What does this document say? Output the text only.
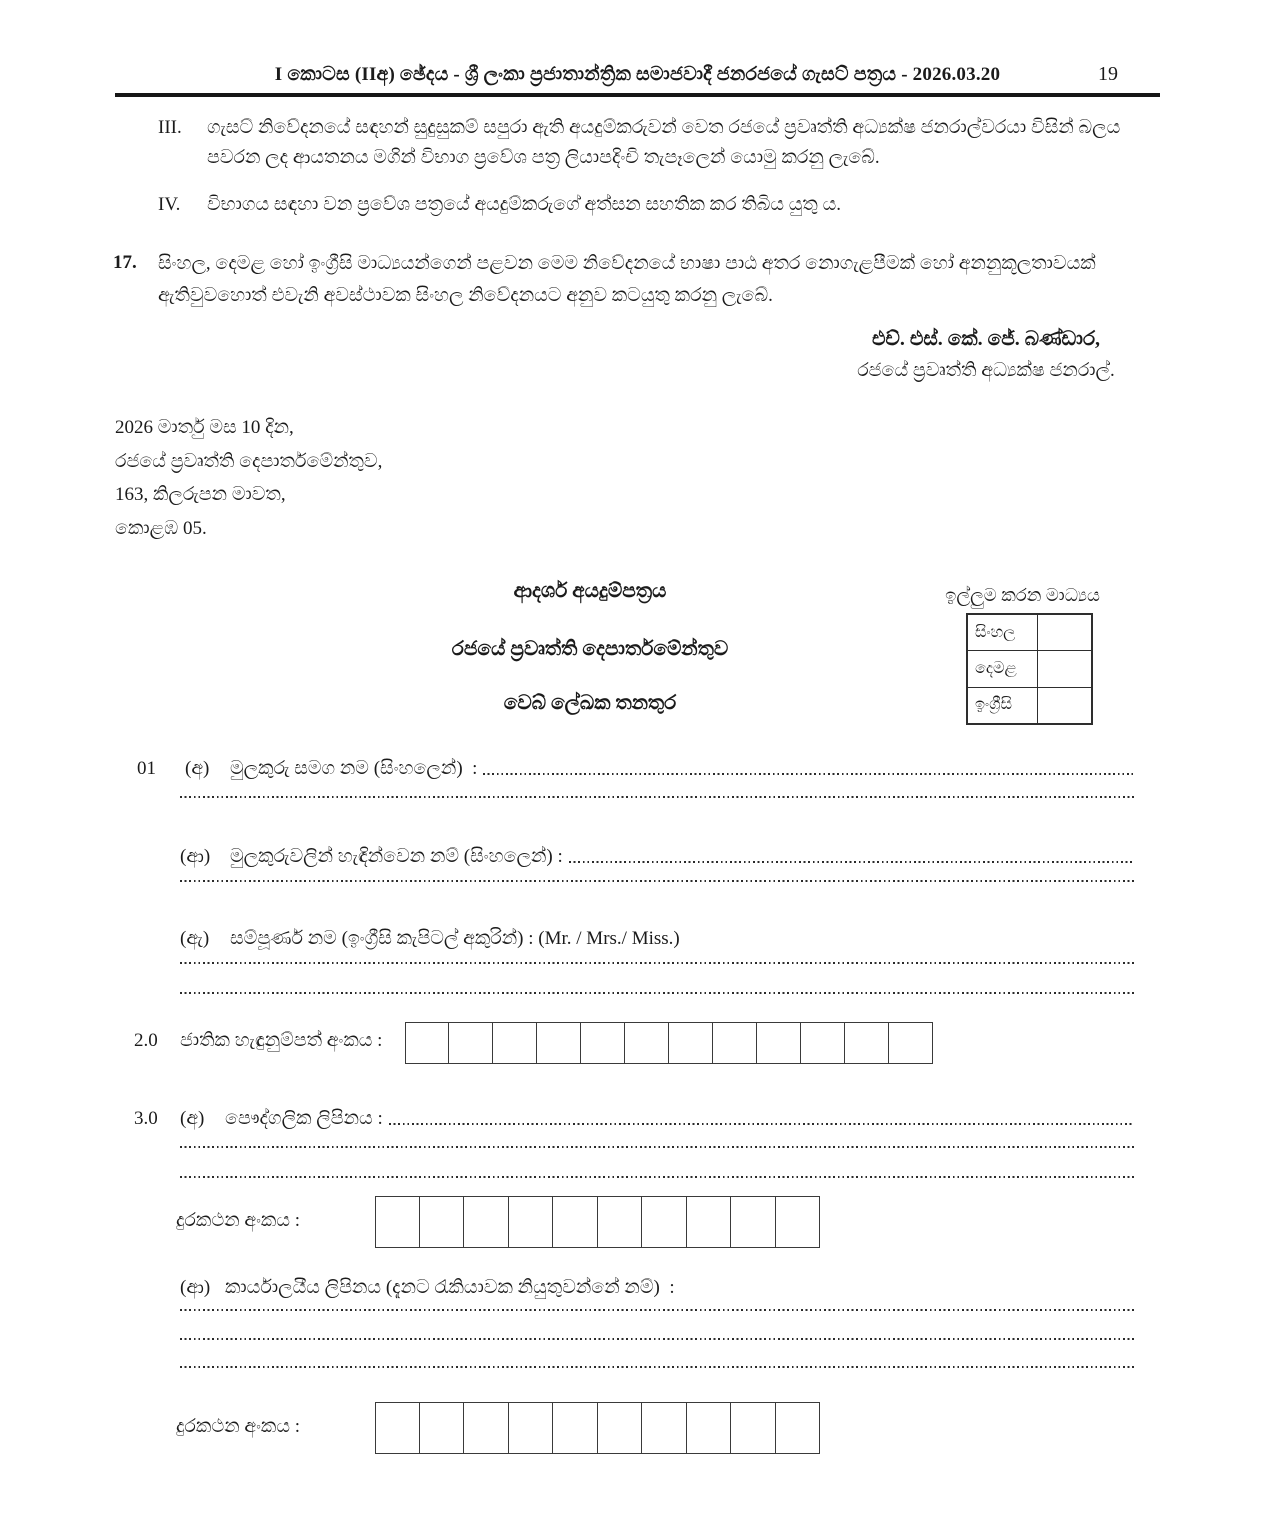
I කොටස (IIඅ) ඡේදය - ශ්‍රී ලංකා ප්‍රජාතාන්ත්‍රික සමාජවාදී ජනරජයේ ගැසට් පත්‍රය - 2026.03.20	19
III. ගැසට් නිවේදනයේ සඳහන් සුදුසුකම් සපුරා ඇති අයදුම්කරුවන් වෙත රජයේ ප්‍රවෘත්ති අධ්‍යක්ෂ ජනරාල්වරයා විසින් බලය පවරන ලද ආයතනය මගින් විභාග ප්‍රවේශ පත්‍ර ලියාපදිංචි තැපෑලෙන් යොමු කරනු ලැබේ.
IV. විභාගය සඳහා වන ප්‍රවේශ පත්‍රයේ අයදුම්කරුගේ අත්සන සහතික කර තිබිය යුතු ය.
17. සිංහල, දෙමළ හෝ ඉංග්‍රීසි මාධ්‍යයන්ගෙන් පළවන මෙම නිවේදනයේ භාෂා පාඨ අතර නොගැළපීමක් හෝ අනනුකූලතාවයක් ඇතිවුවහොත් එවැනි අවස්ථාවක සිංහල නිවේදනයට අනුව කටයුතු කරනු ලැබේ.
එච්. එස්. කේ. ජේ. බණ්ඩාර,
රජයේ ප්‍රවෘත්ති අධ්‍යක්ෂ ජනරාල්.
2026 මාර්තු මස 10 දින,
රජයේ ප්‍රවෘත්ති දෙපාර්තමේන්තුව,
163, කිලරුපන මාවත,
කොළඹ 05.
ආදර්ශ අයදුම්පත්‍රය
රජයේ ප්‍රවෘත්ති දෙපාර්තමේන්තුව
වෙබ් ලේඛක තනතුර
ඉල්ලුම කරන මාධ්‍යය
සිංහල
දෙමළ
ඉංග්‍රීසි
01	(අ)	මුලකුරු සමග නම (සිංහලෙන්)  :
(ආ)	මුලකුරුවලින් හැඳින්වෙන නම් (සිංහලෙන්) :
(ඇ)	සම්පූර්ණ නම (ඉංග්‍රීසි කැපිටල් අකුරින්) : (Mr. / Mrs./ Miss.)
2.0	ජාතික හැඳුනුම්පත් අංකය :
3.0	(අ)	පෞද්ගලික ලිපිනය :
දුරකථන අංකය :
(ආ) කාර්යාලයීය ලිපිනය (දැනට රැකියාවක නියුතුවන්නේ නම්)  :
දුරකථන අංකය :
